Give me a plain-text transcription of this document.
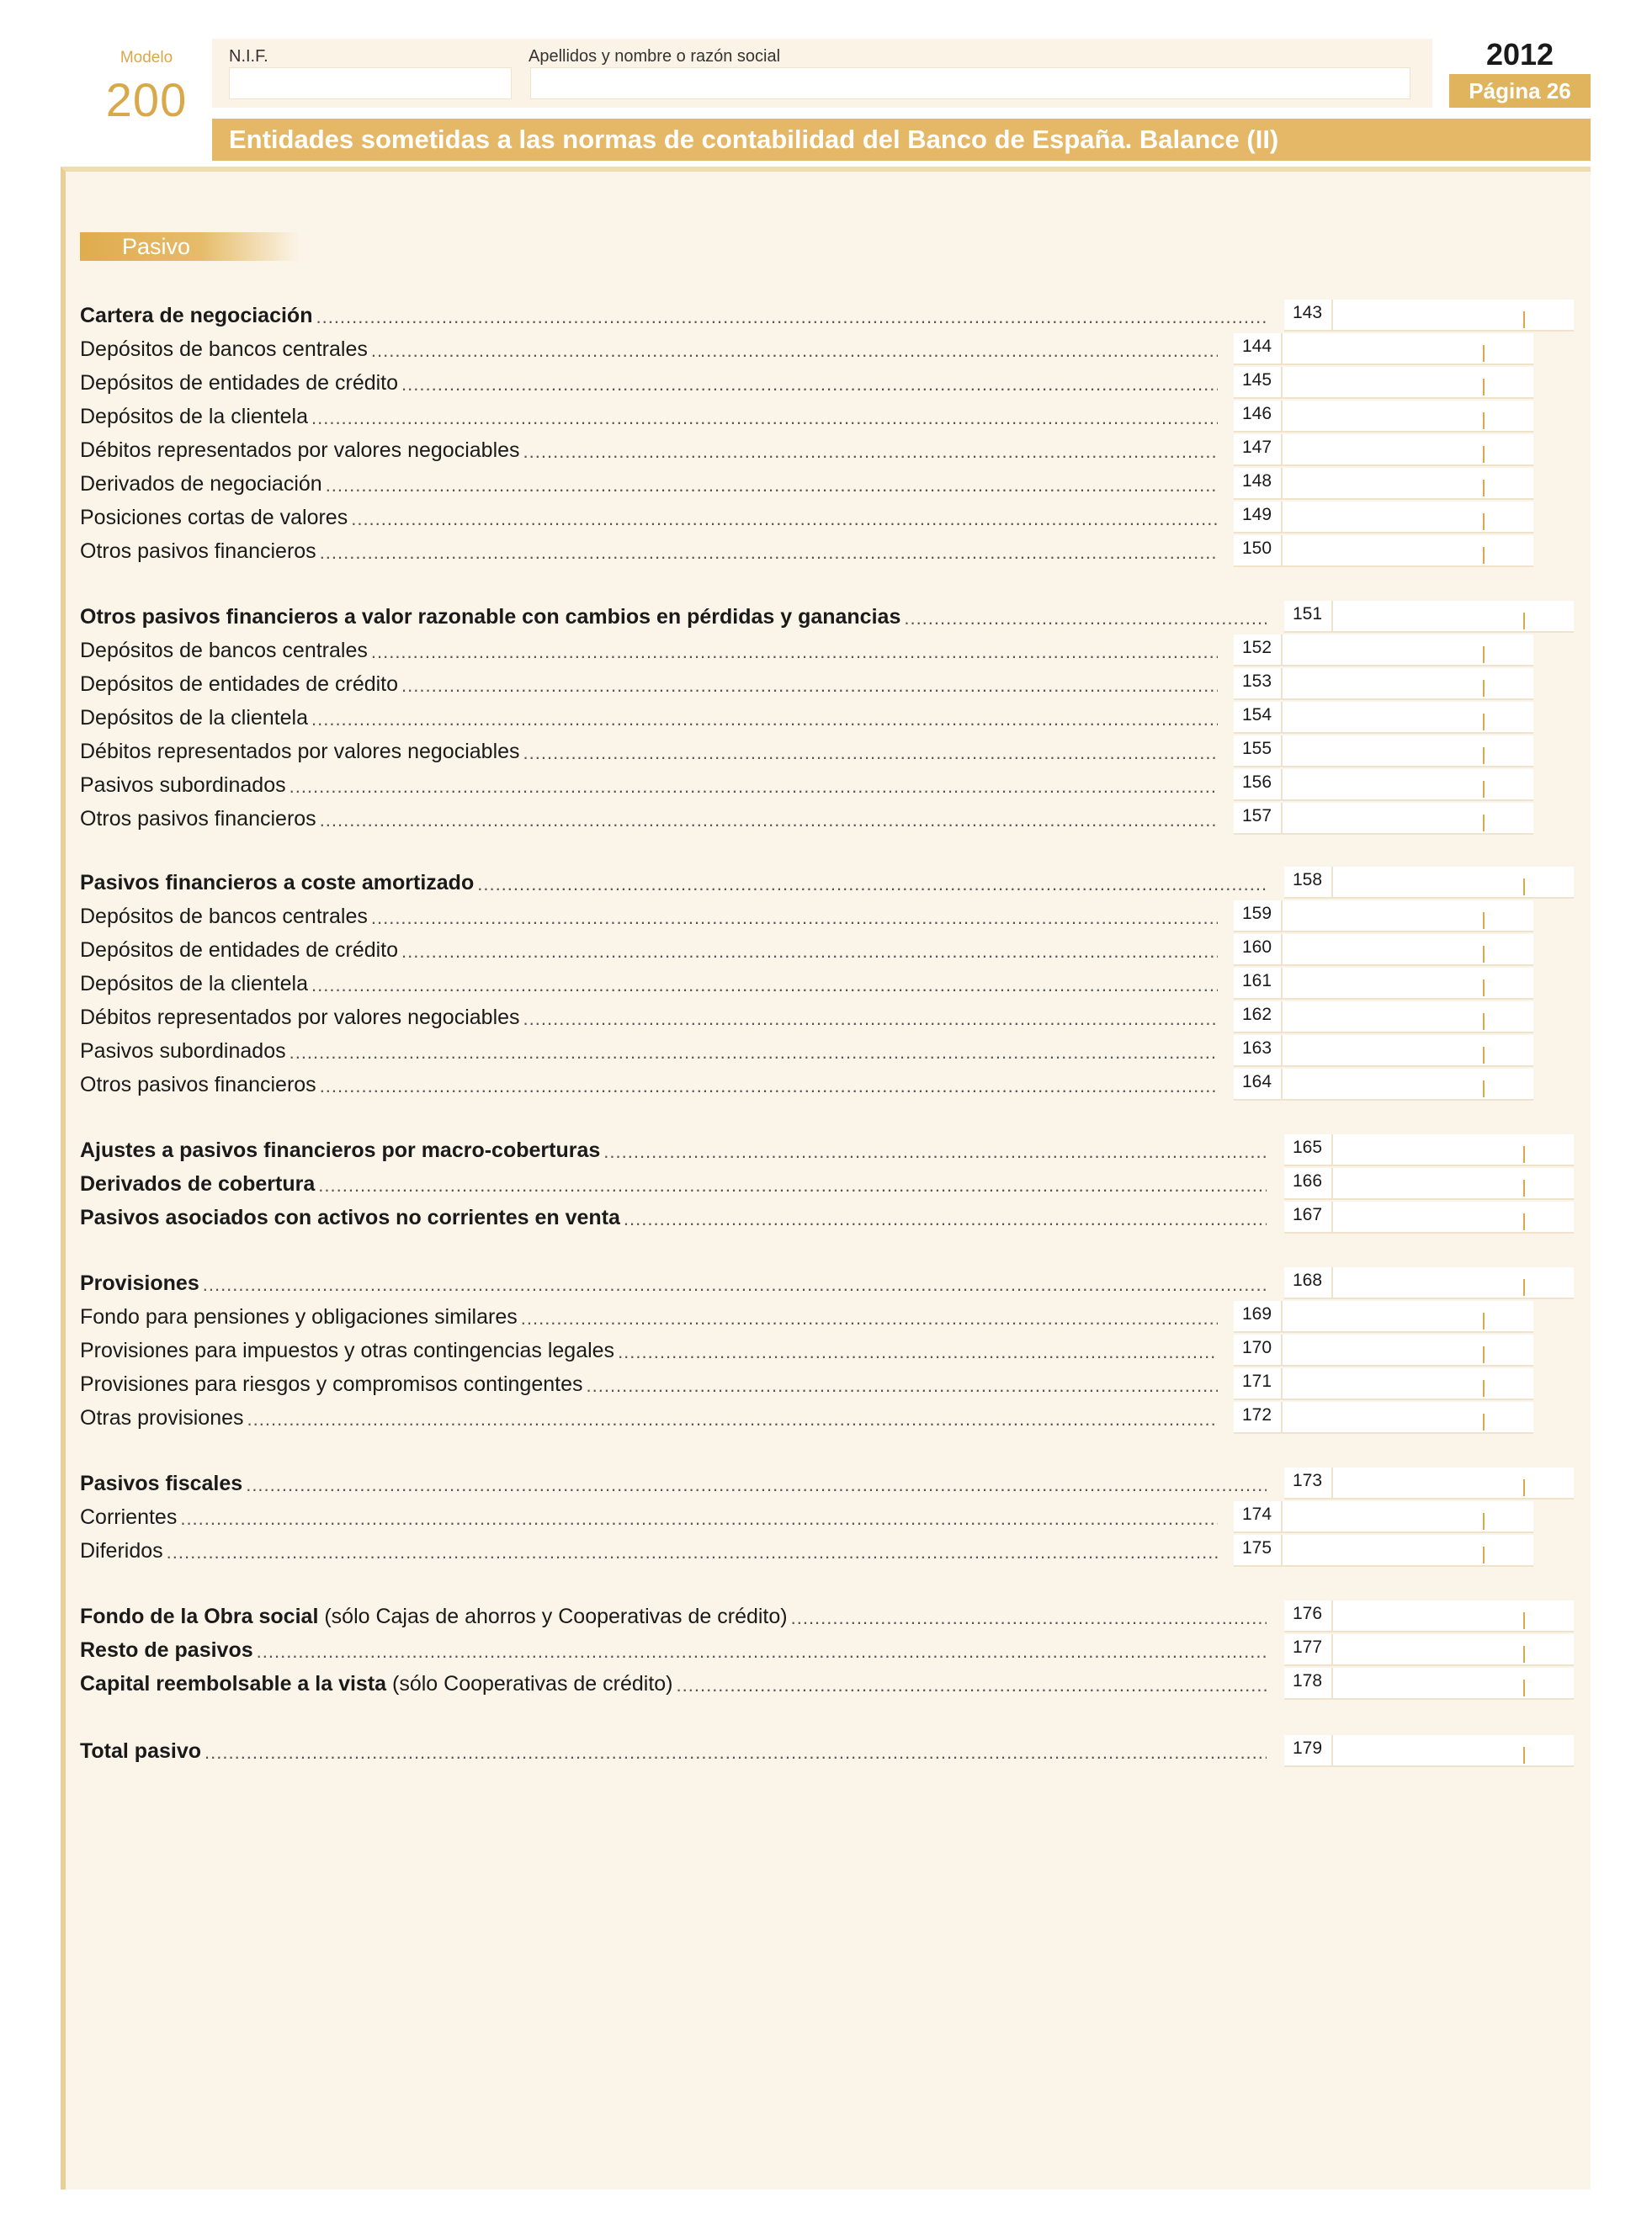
Modelo
200
N.I.F.	Apellidos y nombre o razón social	2012
Página 26
Entidades sometidas a las normas de contabilidad del Banco de España. Balance (II)
Pasivo
Cartera de negociación .....	143
Depósitos de bancos centrales .....	144
Depósitos de entidades de crédito .....	145
Depósitos de la clientela .....	146
Débitos representados por valores negociables .....	147
Derivados de negociación .....	148
Posiciones cortas de valores .....	149
Otros pasivos financieros .....	150
Otros pasivos financieros a valor razonable con cambios en pérdidas y ganancias .....	151
Depósitos de bancos centrales .....	152
Depósitos de entidades de crédito .....	153
Depósitos de la clientela .....	154
Débitos representados por valores negociables .....	155
Pasivos subordinados .....	156
Otros pasivos financieros .....	157
Pasivos financieros a coste amortizado .....	158
Depósitos de bancos centrales .....	159
Depósitos de entidades de crédito .....	160
Depósitos de la clientela .....	161
Débitos representados por valores negociables .....	162
Pasivos subordinados .....	163
Otros pasivos financieros .....	164
Ajustes a pasivos financieros por macro-coberturas .....	165
Derivados de cobertura .....	166
Pasivos asociados con activos no corrientes en venta .....	167
Provisiones .....	168
Fondo para pensiones y obligaciones similares .....	169
Provisiones para impuestos y otras contingencias legales .....	170
Provisiones para riesgos y compromisos contingentes .....	171
Otras provisiones .....	172
Pasivos fiscales .....	173
Corrientes .....	174
Diferidos .....	175
Fondo de la Obra social (sólo Cajas de ahorros y Cooperativas de crédito) .....	176
Resto de pasivos .....	177
Capital reembolsable a la vista (sólo Cooperativas de crédito) .....	178
Total pasivo .....	179
